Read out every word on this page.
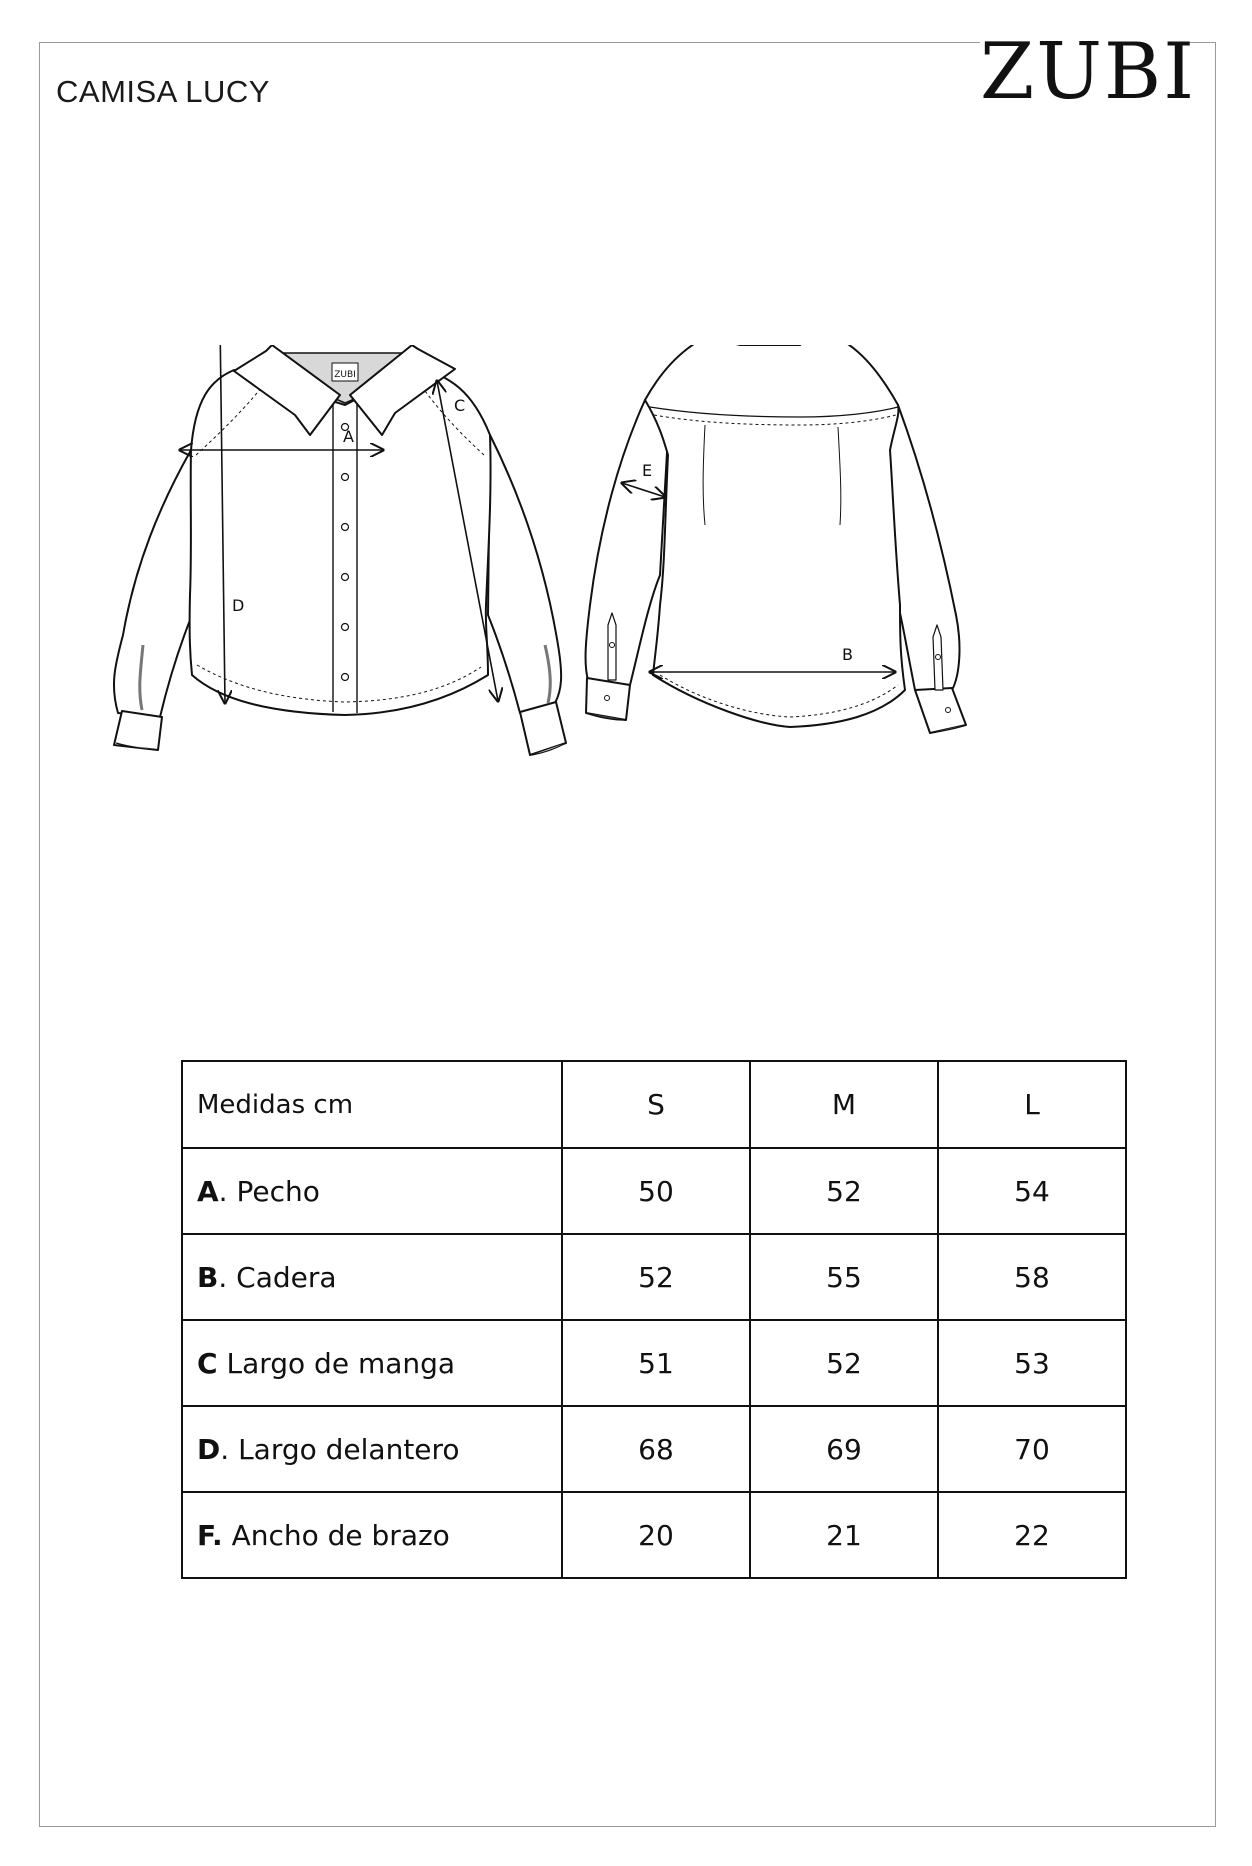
CAMISA LUCY	ZUBI
ZUBI
A
D
C
B
E
Medidas cm	S	M	L
A. Pecho	50	52	54
B. Cadera	52	55	58
C Largo de manga	51	52	53
D. Largo delantero	68	69	70
F. Ancho de brazo	20	21	22
